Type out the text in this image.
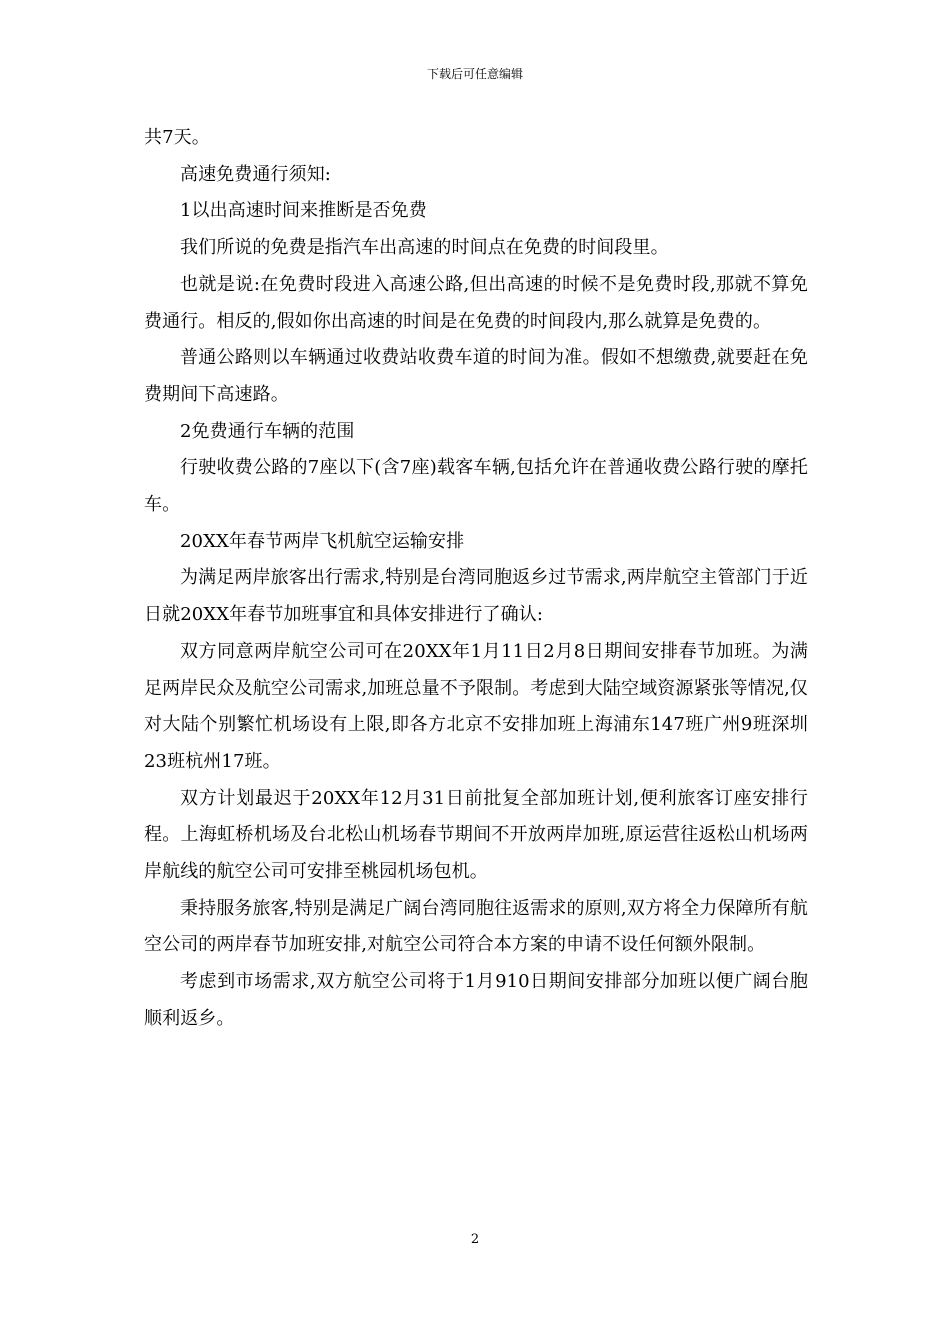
下载后可任意编辑

共7天。

高速免费通行须知:

1以出高速时间来推断是否免费

我们所说的免费是指汽车出高速的时间点在免费的时间段里。

也就是说:在免费时段进入高速公路,但出高速的时候不是免费时段,那就不算免费通行。相反的,假如你出高速的时间是在免费的时间段内,那么就算是免费的。

普通公路则以车辆通过收费站收费车道的时间为准。假如不想缴费,就要赶在免费期间下高速路。

2免费通行车辆的范围

行驶收费公路的7座以下(含7座)载客车辆,包括允许在普通收费公路行驶的摩托车。

20XX年春节两岸飞机航空运输安排

为满足两岸旅客出行需求,特别是台湾同胞返乡过节需求,两岸航空主管部门于近日就20XX年春节加班事宜和具体安排进行了确认:

双方同意两岸航空公司可在20XX年1月11日2月8日期间安排春节加班。为满足两岸民众及航空公司需求,加班总量不予限制。考虑到大陆空域资源紧张等情况,仅对大陆个别繁忙机场设有上限,即各方北京不安排加班上海浦东147班广州9班深圳23班杭州17班。

双方计划最迟于20XX年12月31日前批复全部加班计划,便利旅客订座安排行程。上海虹桥机场及台北松山机场春节期间不开放两岸加班,原运营往返松山机场两岸航线的航空公司可安排至桃园机场包机。

秉持服务旅客,特别是满足广阔台湾同胞往返需求的原则,双方将全力保障所有航空公司的两岸春节加班安排,对航空公司符合本方案的申请不设任何额外限制。

考虑到市场需求,双方航空公司将于1月910日期间安排部分加班以便广阔台胞顺利返乡。

2
